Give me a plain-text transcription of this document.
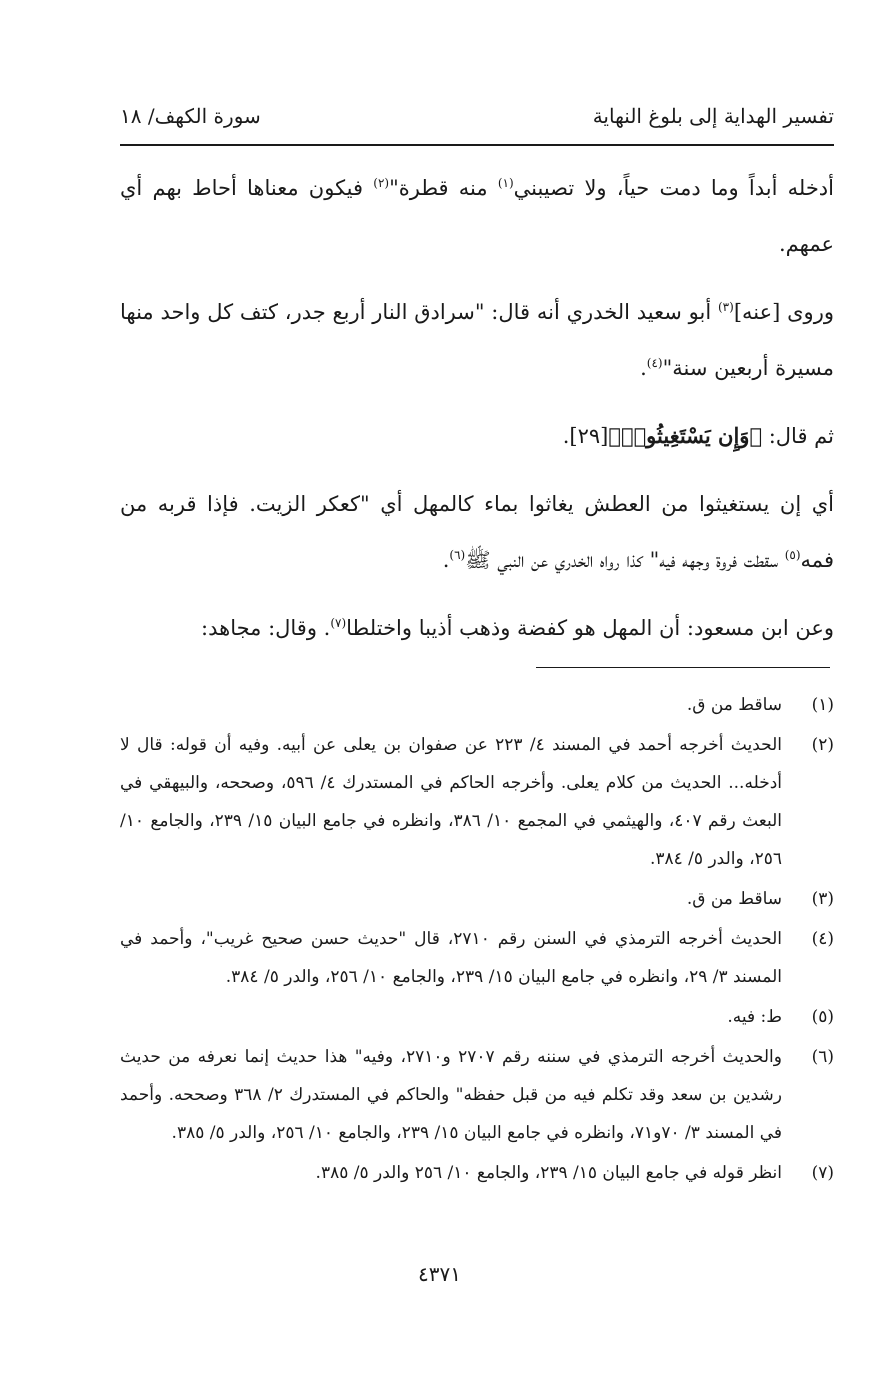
تفسير الهداية إلى بلوغ النهاية
سورة الكهف/ ١٨

أدخله أبداً وما دمت حياً، ولا تصيبني$^{(١)}$ منه قطرة"$^{(٢)}$ فيكون معناها أحاط بهم أي عمهم.

وروى [عنه]$^{(٣)}$ أبو سعيد الخدري أنه قال: "سرادق النار أربع جدر، كتف كل واحد منها مسيرة أربعين سنة"$^{(٤)}$.

ثم قال: ﴿وَإِن يَسْتَغِيثُوا۟﴾[٢٩].

أي إن يستغيثوا من العطش يغاثوا بماء كالمهل أي "كعكر الزيت. فإذا قربه من فمه$^{(٥)}$ سقطت فروة وجهه فيه" كذا رواه الخدري عن النبي ﷺ$^{(٦)}$.

وعن ابن مسعود: أن المهل هو كفضة وذهب أذيبا واختلطا$^{(٧)}$. وقال: مجاهد:

(١)
ساقط من ق.
(٢)
الحديث أخرجه أحمد في المسند ٤/ ٢٢٣ عن صفوان بن يعلى عن أبيه. وفيه أن قوله: قال لا أدخله... الحديث من كلام يعلى. وأخرجه الحاكم في المستدرك ٤/ ٥٩٦، وصححه، والبيهقي في البعث رقم ٤٠٧، والهيثمي في المجمع ١٠/ ٣٨٦، وانظره في جامع البيان ١٥/ ٢٣٩، والجامع ١٠/ ٢٥٦، والدر ٥/ ٣٨٤.
(٣)
ساقط من ق.
(٤)
الحديث أخرجه الترمذي في السنن رقم ٢٧١٠، قال "حديث حسن صحيح غريب"، وأحمد في المسند ٣/ ٢٩، وانظره في جامع البيان ١٥/ ٢٣٩، والجامع ١٠/ ٢٥٦، والدر ٥/ ٣٨٤.
(٥)
ط: فيه.
(٦)
والحديث أخرجه الترمذي في سننه رقم ٢٧٠٧ و٢٧١٠، وفيه" هذا حديث إنما نعرفه من حديث رشدين بن سعد وقد تكلم فيه من قبل حفظه" والحاكم في المستدرك ٢/ ٣٦٨ وصححه. وأحمد في المسند ٣/ ٧٠و٧١، وانظره في جامع البيان ١٥/ ٢٣٩، والجامع ١٠/ ٢٥٦، والدر ٥/ ٣٨٥.
(٧)
انظر قوله في جامع البيان ١٥/ ٢٣٩، والجامع ١٠/ ٢٥٦ والدر ٥/ ٣٨٥.
٤٣٧١
